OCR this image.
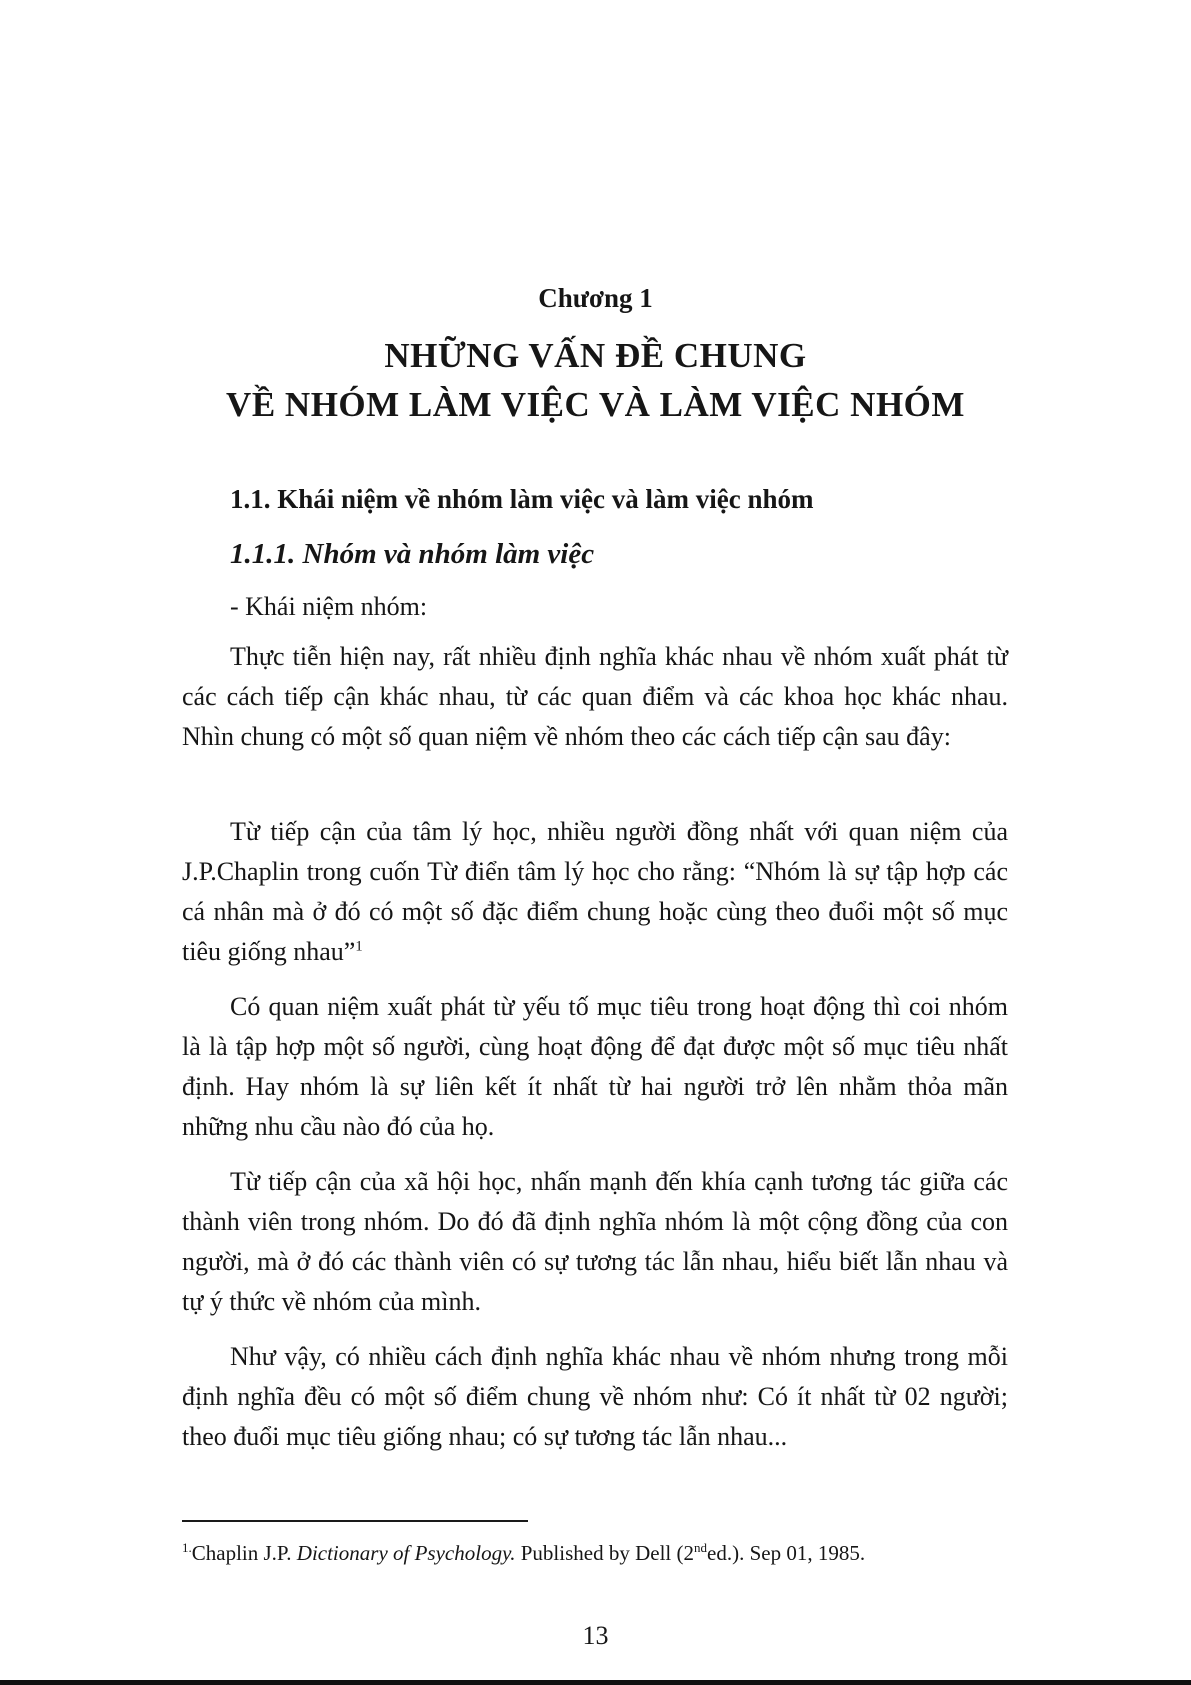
Chương 1
NHỮNG VẤN ĐỀ CHUNG
VỀ NHÓM LÀM VIỆC VÀ LÀM VIỆC NHÓM
1.1. Khái niệm về nhóm làm việc và làm việc nhóm
1.1.1. Nhóm và nhóm làm việc
- Khái niệm nhóm:

Thực tiễn hiện nay, rất nhiều định nghĩa khác nhau về nhóm xuất phát từ các cách tiếp cận khác nhau, từ các quan điểm và các khoa học khác nhau. Nhìn chung có một số quan niệm về nhóm theo các cách tiếp cận sau đây:

Từ tiếp cận của tâm lý học, nhiều người đồng nhất với quan niệm của J.P.Chaplin trong cuốn Từ điển tâm lý học cho rằng: “Nhóm là sự tập hợp các cá nhân mà ở đó có một số đặc điểm chung hoặc cùng theo đuổi một số mục tiêu giống nhau”$^1$

Có quan niệm xuất phát từ yếu tố mục tiêu trong hoạt động thì coi nhóm là là tập hợp một số người, cùng hoạt động để đạt được một số mục tiêu nhất định. Hay nhóm là sự liên kết ít nhất từ hai người trở lên nhằm thỏa mãn những nhu cầu nào đó của họ.

Từ tiếp cận của xã hội học, nhấn mạnh đến khía cạnh tương tác giữa các thành viên trong nhóm. Do đó đã định nghĩa nhóm là một cộng đồng của con người, mà ở đó các thành viên có sự tương tác lẫn nhau, hiểu biết lẫn nhau và tự ý thức về nhóm của mình.

Như vậy, có nhiều cách định nghĩa khác nhau về nhóm nhưng trong mỗi định nghĩa đều có một số điểm chung về nhóm như: Có ít nhất từ 02 người; theo đuổi mục tiêu giống nhau; có sự tương tác lẫn nhau...

$^{1.}$Chaplin J.P. Dictionary of Psychology. Published by Dell (2nded.). Sep 01, 1985.
13
